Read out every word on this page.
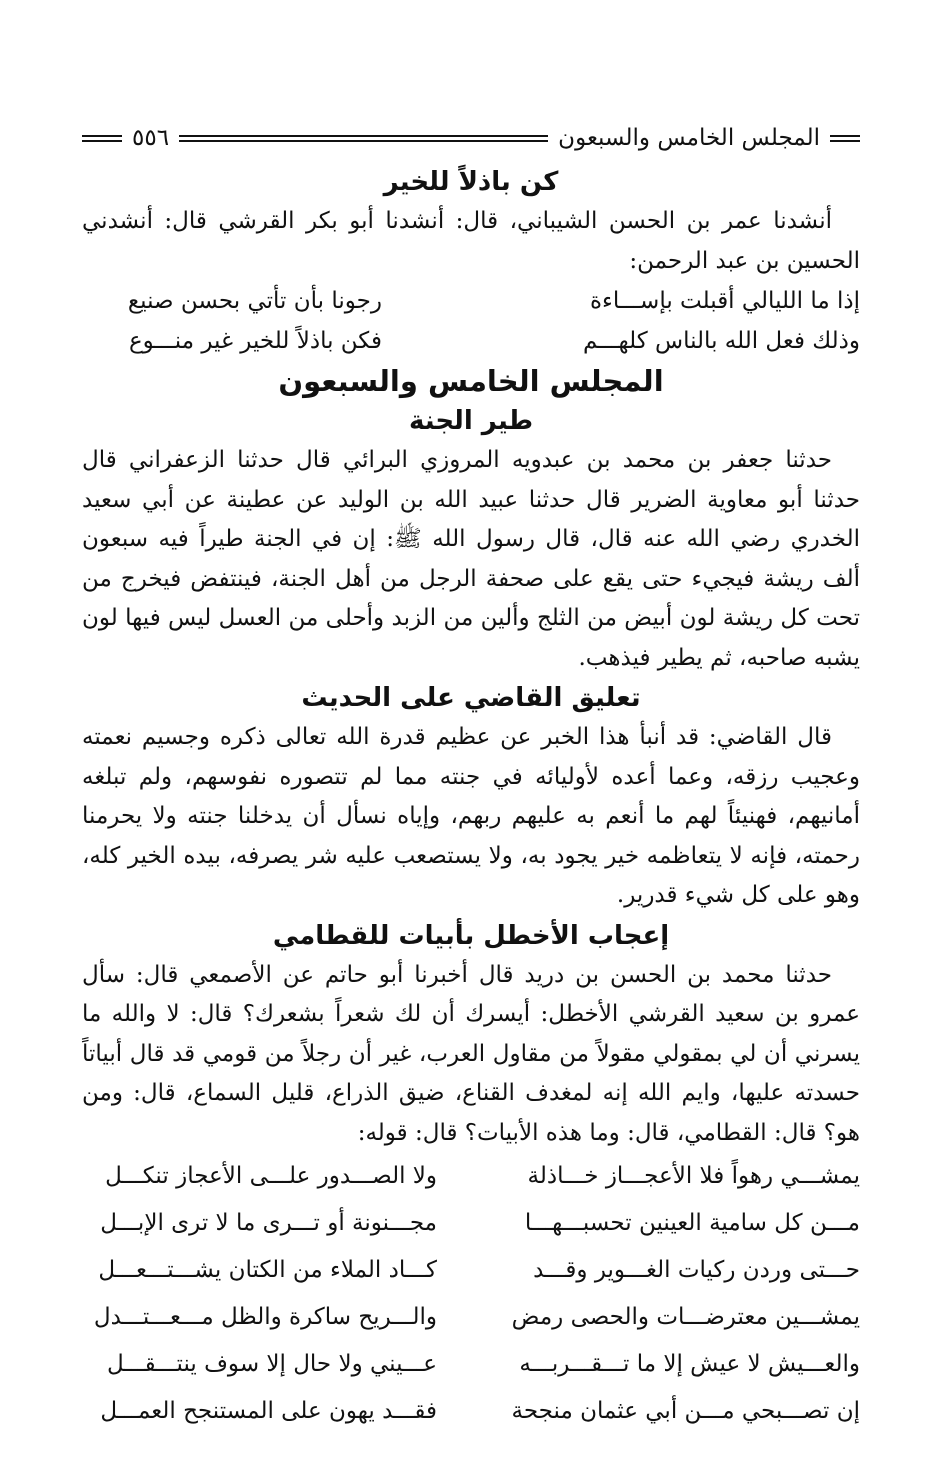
المجلس الخامس والسبعون
٥٥٦
كن باذلاً للخير

أنشدنا عمر بن الحسن الشيباني، قال: أنشدنا أبو بكر القرشي قال: أنشدني الحسين بن عبد الرحمن:

إذا ما الليالي أقبلت بإســـاءة
رجونا بأن تأتي بحسن صنيع
وذلك فعل الله بالناس كلهـــم
فكن باذلاً للخير غير منـــوع
المجلس الخامس والسبعون
طير الجنة

حدثنا جعفر بن محمد بن عبدويه المروزي البرائي قال حدثنا الزعفراني قال حدثنا أبو معاوية الضرير قال حدثنا عبيد الله بن الوليد عن عطينة عن أبي سعيد الخدري رضي الله عنه قال، قال رسول الله ﷺ: إن في الجنة طيراً فيه سبعون ألف ريشة فيجيء حتى يقع على صحفة الرجل من أهل الجنة، فينتفض فيخرج من تحت كل ريشة لون أبيض من الثلج وألين من الزبد وأحلى من العسل ليس فيها لون يشبه صاحبه، ثم يطير فيذهب.

تعليق القاضي على الحديث

قال القاضي: قد أنبأ هذا الخبر عن عظيم قدرة الله تعالى ذكره وجسيم نعمته وعجيب رزقه، وعما أعده لأوليائه في جنته مما لم تتصوره نفوسهم، ولم تبلغه أمانيهم، فهنيئاً لهم ما أنعم به عليهم ربهم، وإياه نسأل أن يدخلنا جنته ولا يحرمنا رحمته، فإنه لا يتعاظمه خير يجود به، ولا يستصعب عليه شر يصرفه، بيده الخير كله، وهو على كل شيء قدرير.

إعجاب الأخطل بأبيات للقطامي

حدثنا محمد بن الحسن بن دريد قال أخبرنا أبو حاتم عن الأصمعي قال: سأل عمرو بن سعيد القرشي الأخطل: أيسرك أن لك شعراً بشعرك؟ قال: لا والله ما يسرني أن لي بمقولي مقولاً من مقاول العرب، غير أن رجلاً من قومي قد قال أبياتاً حسدته عليها، وايم الله إنه لمغدف القناع، ضيق الذراع، قليل السماع، قال: ومن هو؟ قال: القطامي، قال: وما هذه الأبيات؟ قال: قوله:

يمشـــي رهواً فلا الأعجـــاز خـــاذلة
ولا الصـــدور علـــى الأعجاز تنكـــل
مـــن كل سامية العينين تحسبـــهـــا
مجـــنونة أو تـــرى ما لا ترى الإبـــل
حـــتى وردن ركيات الغـــوير وقـــد
كـــاد الملاء من الكتان يشـــتـــعـــل
يمشـــين معترضـــات والحصى رمض
والـــريح ساكرة والظل مـــعـــتـــدل
والعـــيش لا عيش إلا ما تـــقـــربـــه
عـــيني ولا حال إلا سوف ينتـــقـــل
إن تصـــبحي مـــن أبي عثمان منجحة
فقـــد يهون على المستنجح العمـــل
